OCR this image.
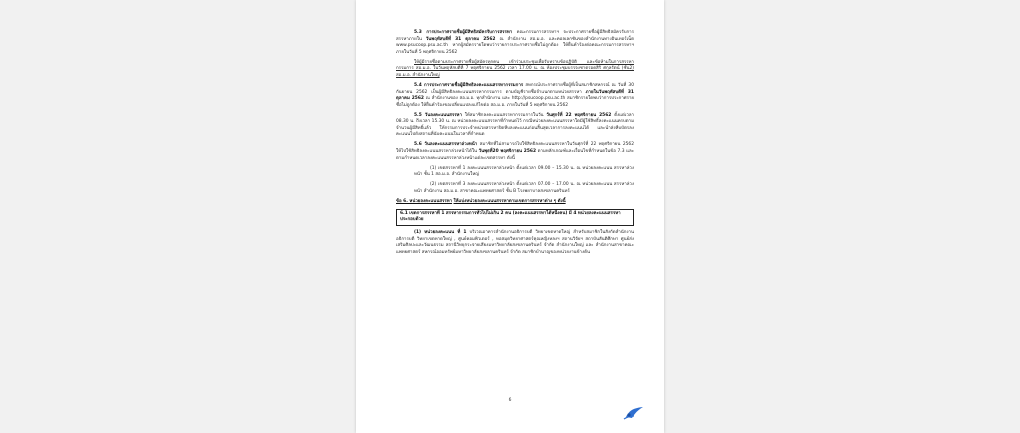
5.3 การประกาศรายชื่อผู้มีสิทธิสมัครรับการสรรหา คณะกรรมการสรรหาฯ จะประกาศรายชื่อผู้มีสิทธิสมัครรับการสรรหาภายใน วันพฤหัสบดีที่ 31 ตุลาคม 2562 ณ สำนักงาน สอ.ม.อ. และคอลเลกชันของสำนักงานทางอินเทอร์เน็ต www.psucoop.psu.ac.th หากผู้สมัครรายใดพบว่ารายการประกาศรายชื่อไม่ถูกต้อง ให้ยื่นคำร้องต่อคณะกรรมการสรรหาฯ ภายในวันที่ 5 พฤศจิกายน 2562

ให้ผู้มีรายชื่อตามประกาศรายชื่อผู้สมัครทุกคน เข้าร่วมประชุมเพื่อรับทราบข้อปฏิบัติ และข้อห้ามในการสรรหากรรมการ สอ.ม.อ. ในวันพฤหัสบดีที่ 7 พฤศจิกายน 2562 เวลา 17.00 น. ณ ห้องประชุมบรรจงชาตรอดสิริ ศกุลรัตน์ (ชั้น2) สอ.ม.อ. สำนักงานใหญ่

5.4 การประกาศรายชื่อผู้มีสิทธิลงคะแนนสรรหากรรมการ สหกรณ์ประกาศรายชื่อผู้ที่เป็นสมาชิกสหกรณ์ ณ วันที่ 30 กันยายน 2562 เป็นผู้มีสิทธิลงคะแนนสรรหากรรมการ ตามบัญชีรายชื่อจำแนกตามหน่วยสรรหา ภายในวันพฤหัสบดีที่ 31 ตุลาคม 2562 ณ สำนักงานของ สอ.ม.อ. ทุกสำนักงาน และ http://psucoop.psu.ac.th สมาชิกรายใดพบว่าการประกาศรายชื่อไม่ถูกต้อง ให้ยื่นคำร้องขอเปลี่ยนแปลงแก้ไขต่อ สอ.ม.อ. ภายในวันที่ 5 พฤศจิกายน 2562

5.5 วันลงคะแนนสรรหา ให้สมาชิกลงคะแนนสรรหากรรมการในวัน วันศุกร์ที่ 22 พฤศจิกายน 2562 ตั้งแต่เวลา 08.30 น. ถึงเวลา 15.30 น. ณ หน่วยลงคะแนนสรรหาที่กำหนดไว้ กรณีหน่วยลงคะแนนสรรหาใดมีผู้ใช้สิทธิ์ลงคะแนนครบตามจำนวนผู้มีสิทธิ์แล้ว ให้กรรมการประจำหน่วยสรรหาปิดหีบลงคะแนนก่อนสิ้นสุดเวลาการลงคะแนนได้ และนำส่งหีบบัตรลงคะแนนไปยังสถานที่นับคะแนนในเวลาที่กำหนด

5.6 วันลงคะแนนสรรหาล่วงหน้า สมาชิกที่ไม่สามารถไปใช้สิทธิลงคะแนนสรรหาในวันศุกร์ที่ 22 พฤศจิกายน 2562 ให้ไปใช้สิทธิลงคะแนนสรรหาล่วงหน้าได้ใน วันพุธที่20 พฤศจิกายน 2562 ตามหลักเกณฑ์และเงื่อนไขที่กำหนดในข้อ 7.3 และตามกำหนดเวลาลงคะแนนสรรหาล่วงหน้าแต่ละเขตสรรหา ดังนี้

(1) เขตสรรหาที่ 1 ลงคะแนนสรรหาล่วงหน้า ตั้งแต่เวลา 09.00 – 15.30 น. ณ หน่วยลงคะแนน สรรหาล่วงหน้า ชั้น 1 สอ.ม.อ. สำนักงานใหญ่

(2) เขตสรรหาที่ 3 ลงคะแนนสรรหาล่วงหน้า ตั้งแต่เวลา 07.00 – 17.00 น. ณ หน่วยลงคะแนน สรรหาล่วงหน้า สำนักงาน สอ.ม.อ. สาขาคณะแพทยศาสตร์ ชั้น B โรงพยาบาลสงขลานครินทร์

ข้อ 6. หน่วยลงคะแนนสรรหา ให้แบ่งหน่วยลงคะแนนสรรหาตามเขตการสรรหาต่าง ๆ ดังนี้

6.1 เขตการสรรหาที่ 1 สรรหากรรมการทั่วไปไม่เกิน 2 คน (ลงคะแนนสรรหาได้หนึ่งคน) มี 4 หน่วยลงคะแนนสรรหา ประกอบด้วย

(1) หน่วยลงคะแนน ที่ 1 บริเวณอาคารสำนักงานอธิการบดี วิทยาเขตหาดใหญ่ สำหรับสมาชิกในสังกัดสำนักงานอธิการบดี วิทยาเขตหาดใหญ่ , ศูนย์คอมพิวเตอร์ , หอสมุดวิทยาศาสตร์คุณหญิงหลงฯ สถานวิจัยฯ สถาบันสันติศึกษา ศูนย์ส่งเสริมศิลปะและวัฒนธรรม สถานีวิทยุกระจายเสียงมหาวิทยาลัยสงขลานครินทร์ จำกัด สำนักงานใหญ่ และ สำนักงานสาขาคณะแพทยศาสตร์ สหกรณ์ออมทรัพย์มหาวิทยาลัยสงขลานครินทร์ จำกัด สมาชิกบำนาญของหน่วยงานข้างต้น

6
